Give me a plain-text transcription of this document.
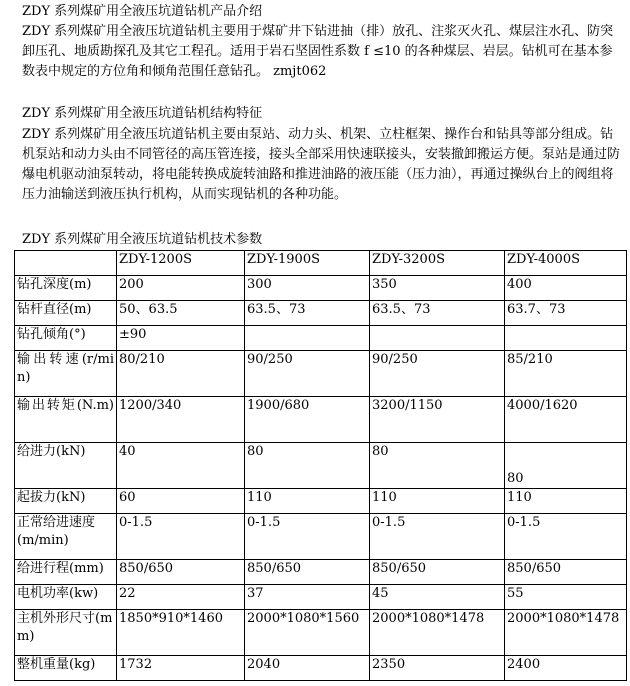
ZDY 系列煤矿用全液压坑道钻机产品介绍
ZDY 系列煤矿用全液压坑道钻机主要用于煤矿井下钻进抽（排）放孔、注浆灭火孔、煤层注水孔、防突卸压孔、地质勘探孔及其它工程孔。适用于岩石坚固性系数 f ≤10 的各种煤层、岩层。钻机可在基本参数表中规定的方位角和倾角范围任意钻孔。 zmjt062
ZDY 系列煤矿用全液压坑道钻机结构特征
ZDY 系列煤矿用全液压坑道钻机主要由泵站、动力头、机架、立柱框架、操作台和钻具等部分组成。钻机泵站和动力头由不同管径的高压管连接，接头全部采用快速联接头，安装撤卸搬运方便。泵站是通过防爆电机驱动油泵转动，将电能转换成旋转油路和推进油路的液压能（压力油），再通过操纵台上的阀组将压力油输送到液压执行机构，从而实现钻机的各种功能。
ZDY 系列煤矿用全液压坑道钻机技术参数
	ZDY-1200S	ZDY-1900S	ZDY-3200S	ZDY-4000S
钻孔深度(m)	200	300	350	400
钻杆直径(m)	50、63.5	63.5、73	63.5、73	63.7、73
钻孔倾角(°)	±90			
输出转速(r/min)	80/210	90/250	90/250	85/210
输出转矩(N.m)	1200/340	1900/680	3200/1150	4000/1620
给进力(kN)	40	80	80	80
起拔力(kN)	60	110	110	110
正常给进速度(m/min)	0-1.5	0-1.5	0-1.5	0-1.5
给进行程(mm)	850/650	850/650	850/650	850/650
电机功率(kw)	22	37	45	55
主机外形尺寸(mm)	1850*910*1460	2000*1080*1560	2000*1080*1478	2000*1080*1478
整机重量(kg)	1732	2040	2350	2400
